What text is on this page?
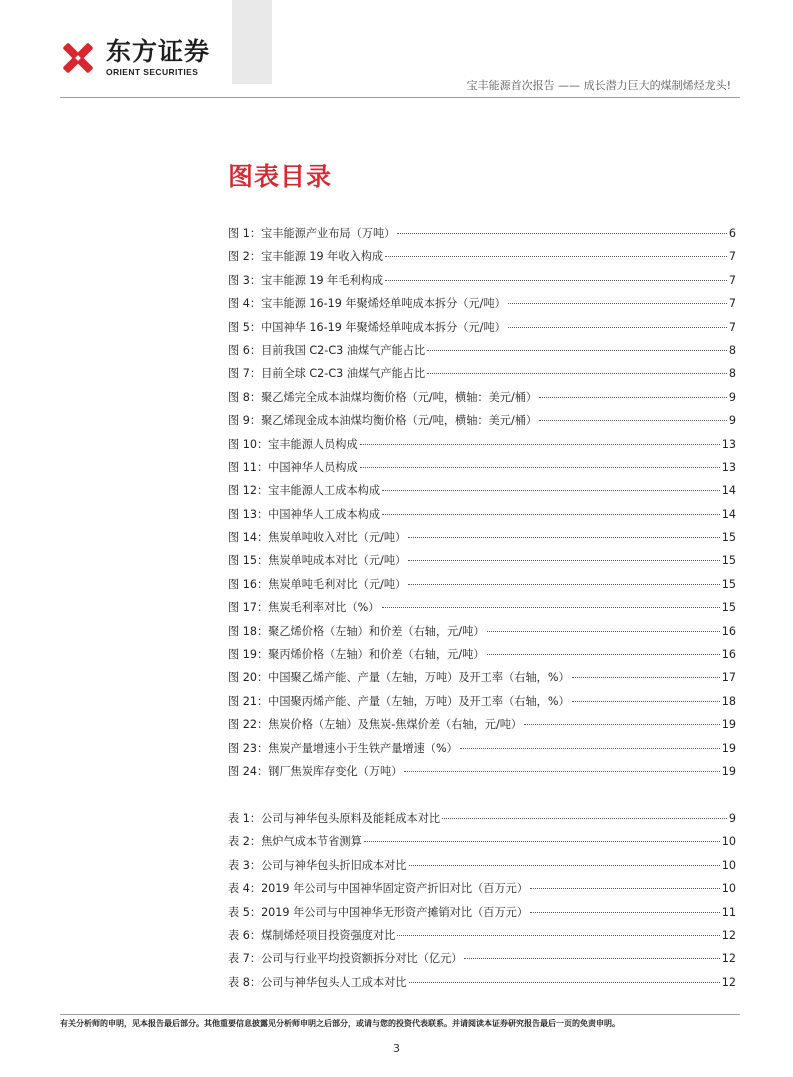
东方证券
ORIENT SECURITIES
宝丰能源首次报告 —— 成长潜力巨大的煤制烯烃龙头!
图表目录
图 1： 宝丰能源产业布局（万吨）	6
图 2： 宝丰能源 19 年收入构成	7
图 3： 宝丰能源 19 年毛利构成	7
图 4： 宝丰能源 16-19 年聚烯烃单吨成本拆分（元/吨）	7
图 5： 中国神华 16-19 年聚烯烃单吨成本拆分（元/吨）	7
图 6： 目前我国 C2-C3 油煤气产能占比	8
图 7： 目前全球 C2-C3 油煤气产能占比	8
图 8： 聚乙烯完全成本油煤均衡价格（元/吨，横轴：美元/桶）	9
图 9： 聚乙烯现金成本油煤均衡价格（元/吨，横轴：美元/桶）	9
图 10： 宝丰能源人员构成	13
图 11： 中国神华人员构成	13
图 12： 宝丰能源人工成本构成	14
图 13： 中国神华人工成本构成	14
图 14： 焦炭单吨收入对比（元/吨）	15
图 15： 焦炭单吨成本对比（元/吨）	15
图 16： 焦炭单吨毛利对比（元/吨）	15
图 17： 焦炭毛利率对比（%）	15
图 18： 聚乙烯价格（左轴）和价差（右轴，元/吨）	16
图 19： 聚丙烯价格（左轴）和价差（右轴，元/吨）	16
图 20： 中国聚乙烯产能、产量（左轴，万吨）及开工率（右轴，%）	17
图 21： 中国聚丙烯产能、产量（左轴，万吨）及开工率（右轴，%）	18
图 22： 焦炭价格（左轴）及焦炭-焦煤价差（右轴，元/吨）	19
图 23： 焦炭产量增速小于生铁产量增速（%）	19
图 24： 钢厂焦炭库存变化（万吨）	19
表 1： 公司与神华包头原料及能耗成本对比	9
表 2： 焦炉气成本节省测算	10
表 3： 公司与神华包头折旧成本对比	10
表 4： 2019 年公司与中国神华固定资产折旧对比（百万元）	10
表 5： 2019 年公司与中国神华无形资产摊销对比（百万元）	11
表 6： 煤制烯烃项目投资强度对比	12
表 7： 公司与行业平均投资额拆分对比（亿元）	12
表 8： 公司与神华包头人工成本对比	12
有关分析师的申明，见本报告最后部分。其他重要信息披露见分析师申明之后部分，或请与您的投资代表联系。并请阅读本证券研究报告最后一页的免责申明。
3
